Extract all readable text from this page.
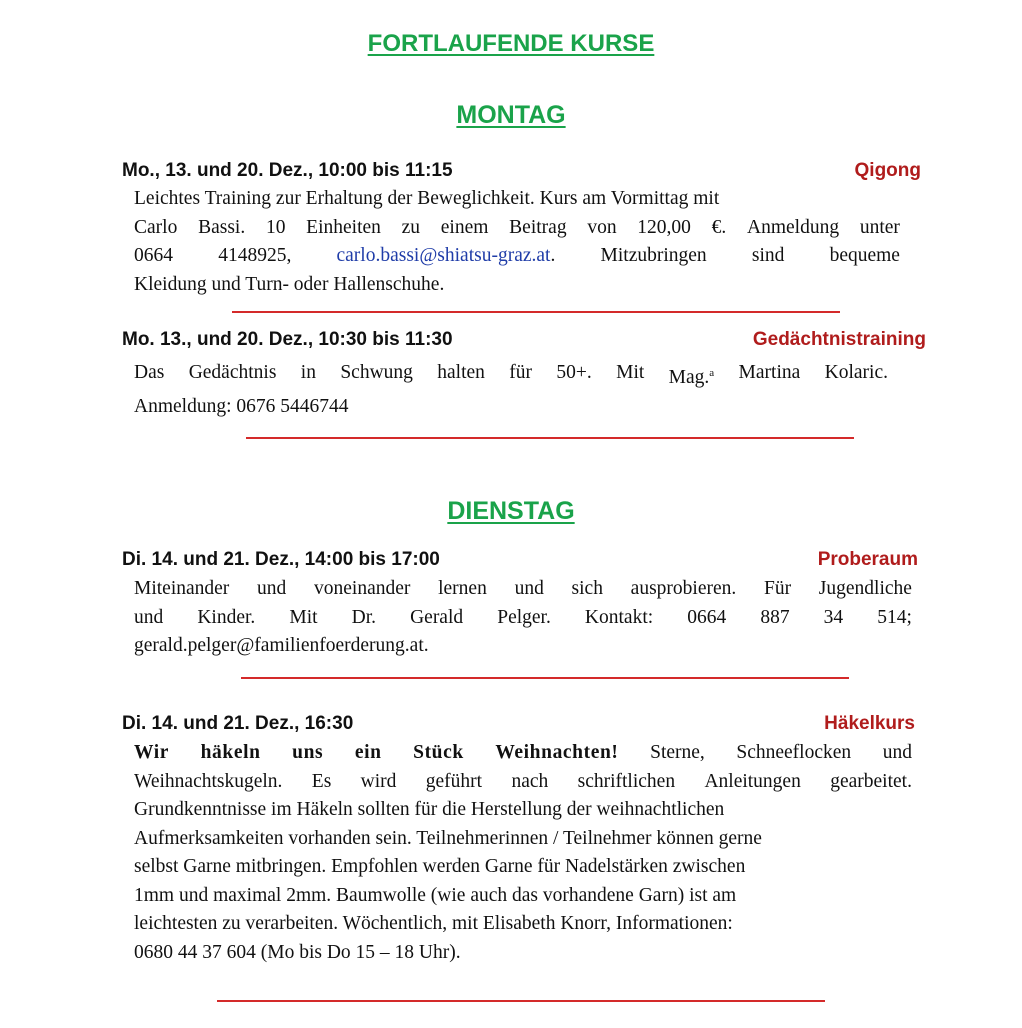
FORTLAUFENDE KURSE
MONTAG
Mo., 13. und 20. Dez., 10:00 bis 11:15	Qigong
Leichtes Training zur Erhaltung der Beweglichkeit. Kurs am Vormittag mit
Carlo Bassi. 10 Einheiten zu einem Beitrag von 120,00 €. Anmeldung unter
0664 4148925, carlo.bassi@shiatsu-graz.at. Mitzubringen sind bequeme
Kleidung und Turn- oder Hallenschuhe.
Mo. 13., und 20. Dez., 10:30 bis 11:30	Gedächtnistraining
Das Gedächtnis in Schwung halten für 50+. Mit Mag.$^a$ Martina Kolaric.
Anmeldung: 0676 5446744
DIENSTAG
Di. 14. und 21. Dez., 14:00 bis 17:00	Proberaum
Miteinander und voneinander lernen und sich ausprobieren. Für Jugendliche
und Kinder. Mit Dr. Gerald Pelger. Kontakt: 0664 887 34 514;
gerald.pelger@familienfoerderung.at.
Di. 14. und 21. Dez., 16:30	Häkelkurs
Wir häkeln uns ein Stück Weihnachten! Sterne, Schneeflocken und
Weihnachtskugeln. Es wird geführt nach schriftlichen Anleitungen gearbeitet.
Grundkenntnisse im Häkeln sollten für die Herstellung der weihnachtlichen
Aufmerksamkeiten vorhanden sein. Teilnehmerinnen / Teilnehmer können gerne
selbst Garne mitbringen. Empfohlen werden Garne für Nadelstärken zwischen
1mm und maximal 2mm. Baumwolle (wie auch das vorhandene Garn) ist am
leichtesten zu verarbeiten. Wöchentlich, mit Elisabeth Knorr, Informationen:
0680 44 37 604 (Mo bis Do 15 – 18 Uhr).
